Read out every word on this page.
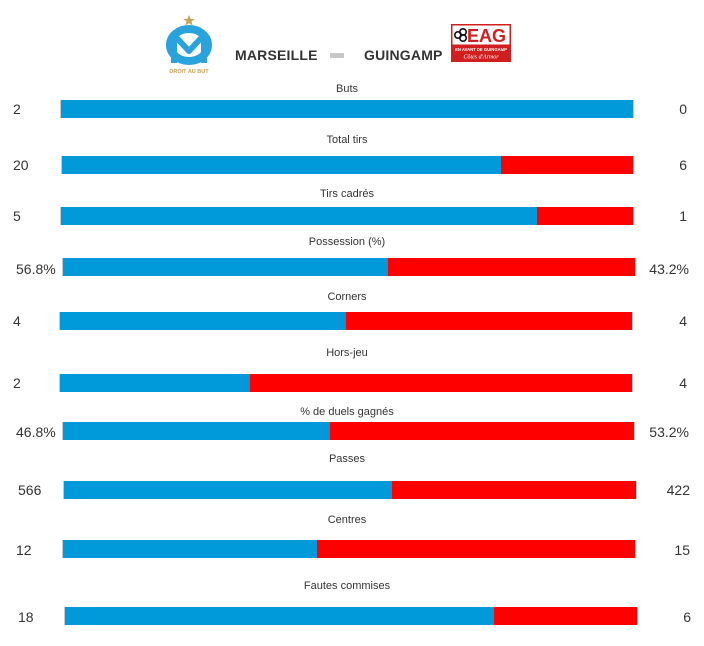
DROIT AU BUT
MARSEILLE	GUINGAMP
EAG
EN AVANT DE GUINGAMP
Côtes d'Armor
Buts
2	0
Total tirs
20	6
Tirs cadrés
5	1
Possession (%)
56.8%	43.2%
Corners
4	4
Hors-jeu
2	4
% de duels gagnés
46.8%	53.2%
Passes
566	422
Centres
12	15
Fautes commises
18	6
